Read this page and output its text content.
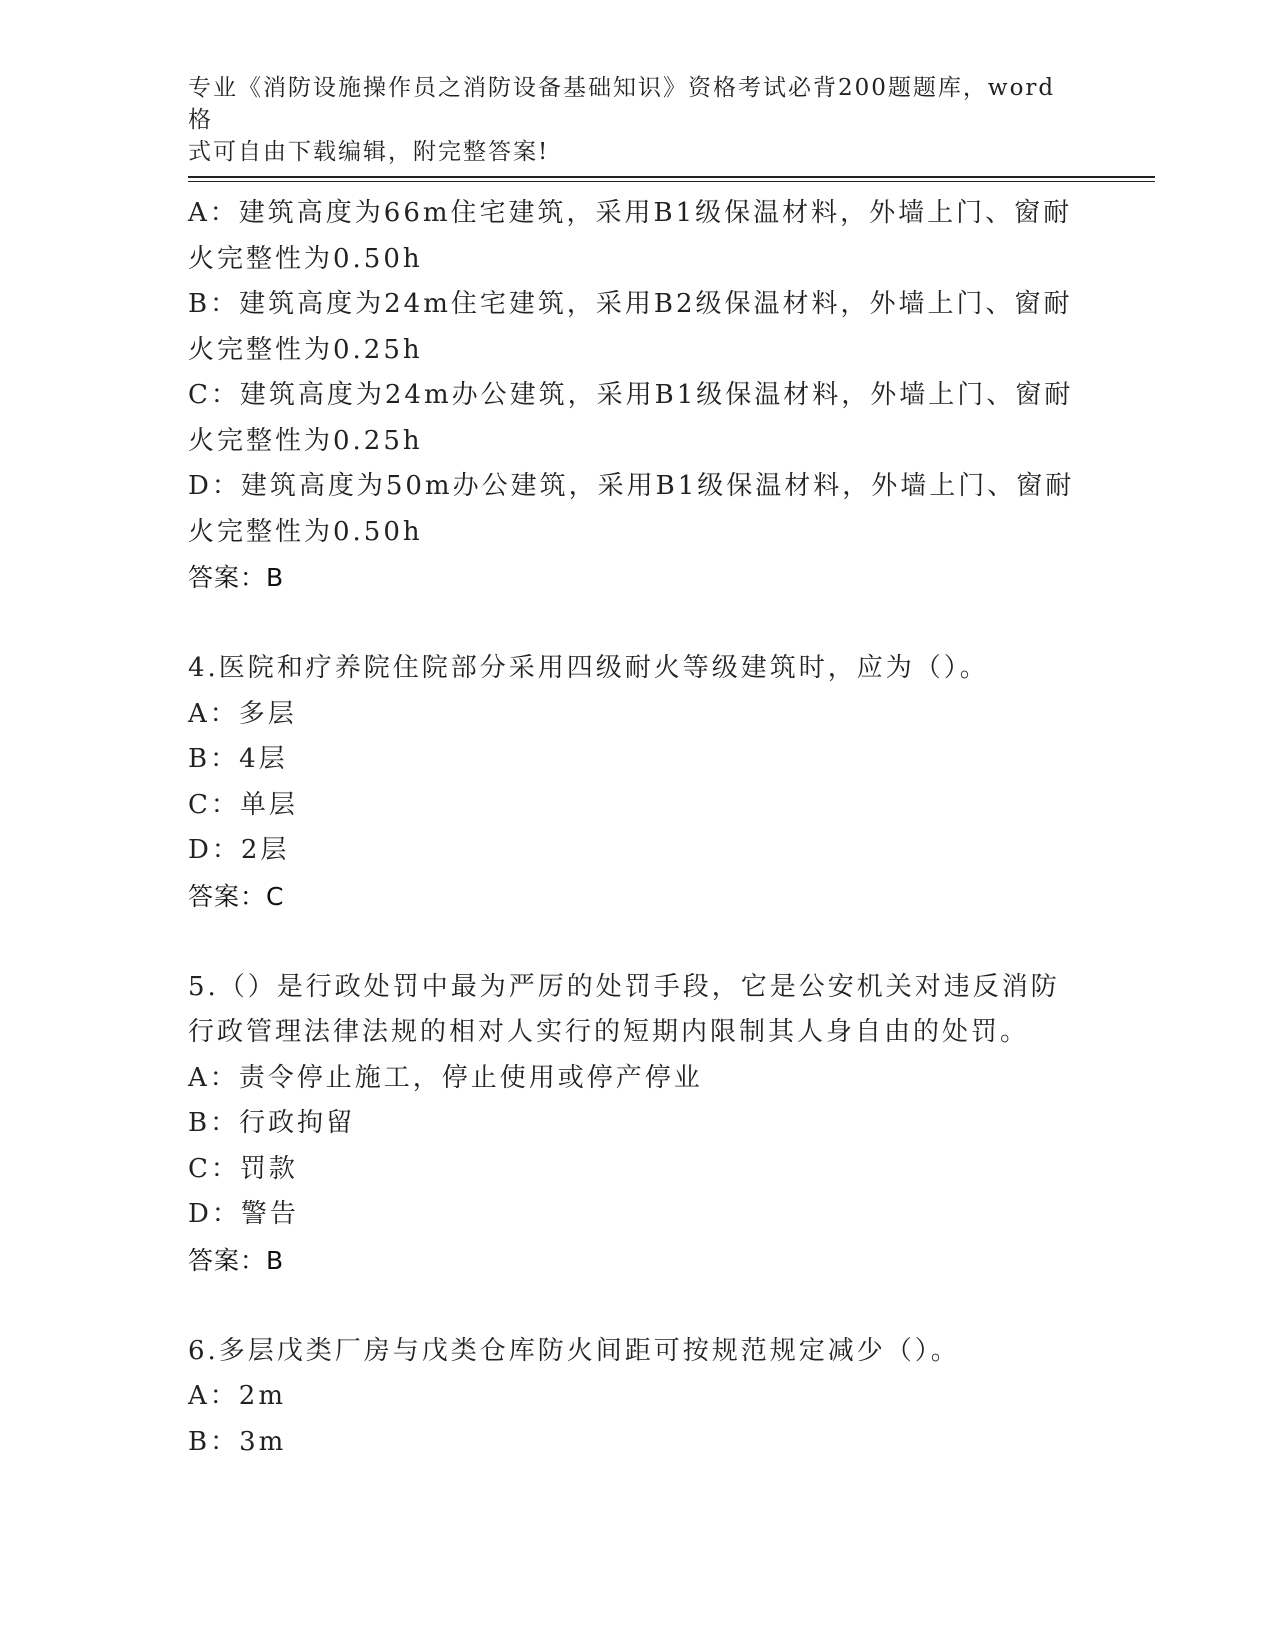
专业《消防设施操作员之消防设备基础知识》资格考试必背200题题库，word格
式可自由下载编辑，附完整答案!
A：建筑高度为66m住宅建筑，采用B1级保温材料，外墙上门、窗耐
火完整性为0.50h
B：建筑高度为24m住宅建筑，采用B2级保温材料，外墙上门、窗耐
火完整性为0.25h
C：建筑高度为24m办公建筑，采用B1级保温材料，外墙上门、窗耐
火完整性为0.25h
D：建筑高度为50m办公建筑，采用B1级保温材料，外墙上门、窗耐
火完整性为0.50h
答案：B
4.医院和疗养院住院部分采用四级耐火等级建筑时，应为（）。
A：多层
B：4层
C：单层
D：2层
答案：C
5.（）是行政处罚中最为严厉的处罚手段，它是公安机关对违反消防
行政管理法律法规的相对人实行的短期内限制其人身自由的处罚。
A：责令停止施工，停止使用或停产停业
B：行政拘留
C：罚款
D：警告
答案：B
6.多层戊类厂房与戊类仓库防火间距可按规范规定减少（）。
A：2m
B：3m
